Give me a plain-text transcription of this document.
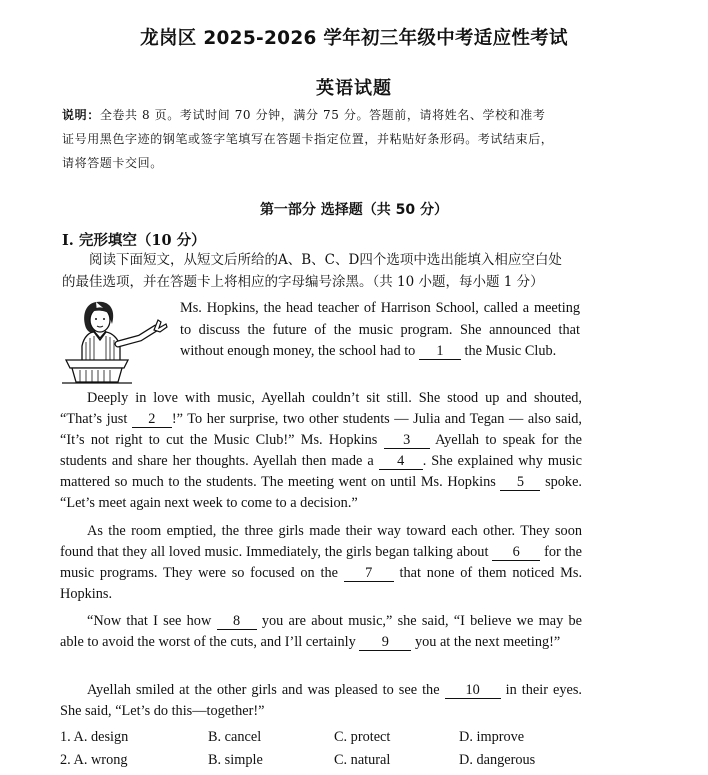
龙岗区 2025-2026 学年初三年级中考适应性考试
英语试题
说明：全卷共 8 页。考试时间 70 分钟，满分 75 分。答题前，请将姓名、学校和准考
证号用黑色字迹的钢笔或签字笔填写在答题卡指定位置，并粘贴好条形码。考试结束后，
请将答题卡交回。
第一部分 选择题（共 50 分）
I. 完形填空（10 分）
阅读下面短文，从短文后所给的A、B、C、D四个选项中选出能填入相应空白处
的最佳选项，并在答题卡上将相应的字母编号涂黑。（共 10 小题，每小题 1 分）
Ms. Hopkins, the head teacher of Harrison School, called a meeting to discuss the future of the music program. She announced that without enough money, the school had to 1 the Music Club.
Deeply in love with music, Ayellah couldn’t sit still. She stood up and shouted, “That’s just 2 !” To her surprise, two other students — Julia and Tegan — also said, “It’s not right to cut the Music Club!” Ms. Hopkins 3 Ayellah to speak for the students and share her thoughts. Ayellah then made a 4 . She explained why music mattered so much to the students. The meeting went on until Ms. Hopkins 5 spoke. “Let’s meet again next week to come to a decision.”
As the room emptied, the three girls made their way toward each other. They soon found that they all loved music. Immediately, the girls began talking about 6 for the music programs. They were so focused on the 7 that none of them noticed Ms. Hopkins.
“Now that I see how 8 you are about music,” she said, “I believe we may be able to avoid the worst of the cuts, and I’ll certainly 9 you at the next meeting!”
Ayellah smiled at the other girls and was pleased to see the 10 in their eyes. She said, “Let’s do this—together!”
1. A. design	B. cancel	C. protect	D. improve
2. A. wrong	B. simple	C. natural	D. dangerous
